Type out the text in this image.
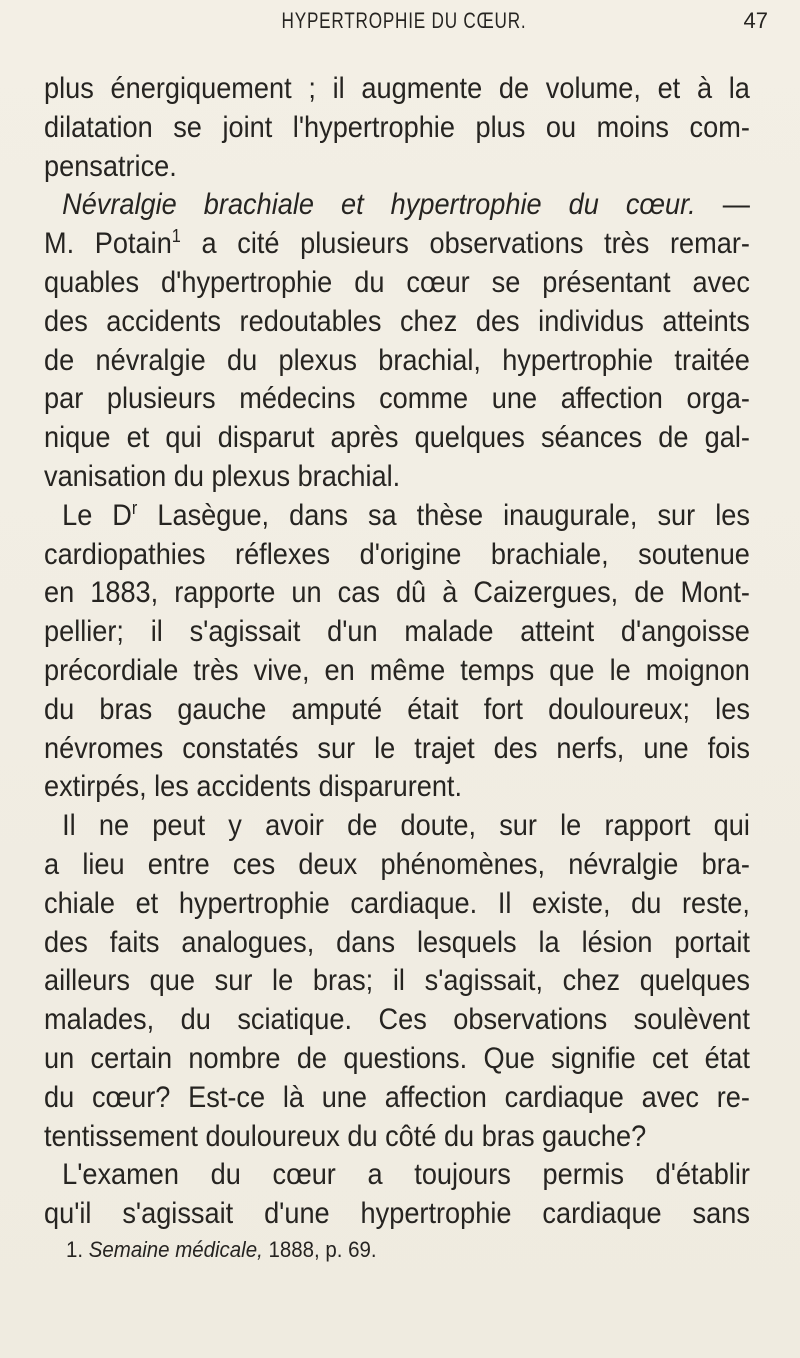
HYPERTROPHIE DU CŒUR.	47
plus énergiquement ; il augmente de volume, et à la
dilatation se joint l'hypertrophie plus ou moins com-
pensatrice.
Névralgie brachiale et hypertrophie du cœur. —
M. Potain$^1$ a cité plusieurs observations très remar-
quables d'hypertrophie du cœur se présentant avec
des accidents redoutables chez des individus atteints
de névralgie du plexus brachial, hypertrophie traitée
par plusieurs médecins comme une affection orga-
nique et qui disparut après quelques séances de gal-
vanisation du plexus brachial.
Le $D^r$ Lasègue, dans sa thèse inaugurale, sur les
cardiopathies réflexes d'origine brachiale, soutenue
en 1883, rapporte un cas dû à Caizergues, de Mont-
pellier; il s'agissait d'un malade atteint d'angoisse
précordiale très vive, en même temps que le moignon
du bras gauche amputé était fort douloureux; les
névromes constatés sur le trajet des nerfs, une fois
extirpés, les accidents disparurent.
Il ne peut y avoir de doute, sur le rapport qui
a lieu entre ces deux phénomènes, névralgie bra-
chiale et hypertrophie cardiaque. Il existe, du reste,
des faits analogues, dans lesquels la lésion portait
ailleurs que sur le bras; il s'agissait, chez quelques
malades, du sciatique. Ces observations soulèvent
un certain nombre de questions. Que signifie cet état
du cœur? Est-ce là une affection cardiaque avec re-
tentissement douloureux du côté du bras gauche?
L'examen du cœur a toujours permis d'établir
qu'il s'agissait d'une hypertrophie cardiaque sans
1. Semaine médicale, 1888, p. 69.
